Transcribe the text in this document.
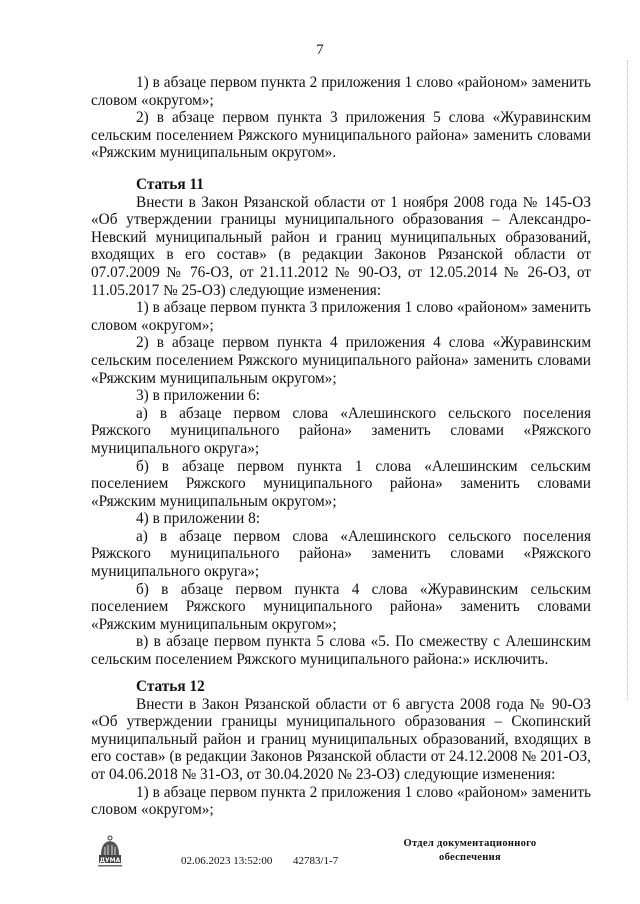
7

1) в абзаце первом пункта 2 приложения 1 слово «районом» заменить словом «округом»;

2) в абзаце первом пункта 3 приложения 5 слова «Журавинским сельским поселением Ряжского муниципального района» заменить словами «Ряжским муниципальным округом».

Статья 11

Внести в Закон Рязанской области от 1 ноября 2008 года № 145-ОЗ «Об утверждении границы муниципального образования – Александро-Невский муниципальный район и границ муниципальных образований, входящих в его состав» (в редакции Законов Рязанской области от 07.07.2009 № 76-ОЗ, от 21.11.2012 № 90-ОЗ, от 12.05.2014 № 26-ОЗ, от 11.05.2017 № 25-ОЗ) следующие изменения:

1) в абзаце первом пункта 3 приложения 1 слово «районом» заменить словом «округом»;

2) в абзаце первом пункта 4 приложения 4 слова «Журавинским сельским поселением Ряжского муниципального района» заменить словами «Ряжским муниципальным округом»;

3) в приложении 6:

а) в абзаце первом слова «Алешинского сельского поселения Ряжского муниципального района» заменить словами «Ряжского муниципального округа»;

б) в абзаце первом пункта 1 слова «Алешинским сельским поселением Ряжского муниципального района» заменить словами «Ряжским муниципальным округом»;

4) в приложении 8:

а) в абзаце первом слова «Алешинского сельского поселения Ряжского муниципального района» заменить словами «Ряжского муниципального округа»;

б) в абзаце первом пункта 4 слова «Журавинским сельским поселением Ряжского муниципального района» заменить словами «Ряжским муниципальным округом»;

в) в абзаце первом пункта 5 слова «5. По смежеству с Алешинским сельским поселением Ряжского муниципального района:» исключить.

Статья 12

Внести в Закон Рязанской области от 6 августа 2008 года № 90-ОЗ «Об утверждении границы муниципального образования – Скопинский муниципальный район и границ муниципальных образований, входящих в его состав» (в редакции Законов Рязанской области от 24.12.2008 № 201-ОЗ, от 04.06.2018 № 31-ОЗ, от 30.04.2020 № 23-ОЗ) следующие изменения:

1) в абзаце первом пункта 2 приложения 1 слово «районом» заменить словом «округом»;

ДУМА	02.06.2023 13:52:00 42783/1-7
Отдел документационного
обеспечения
